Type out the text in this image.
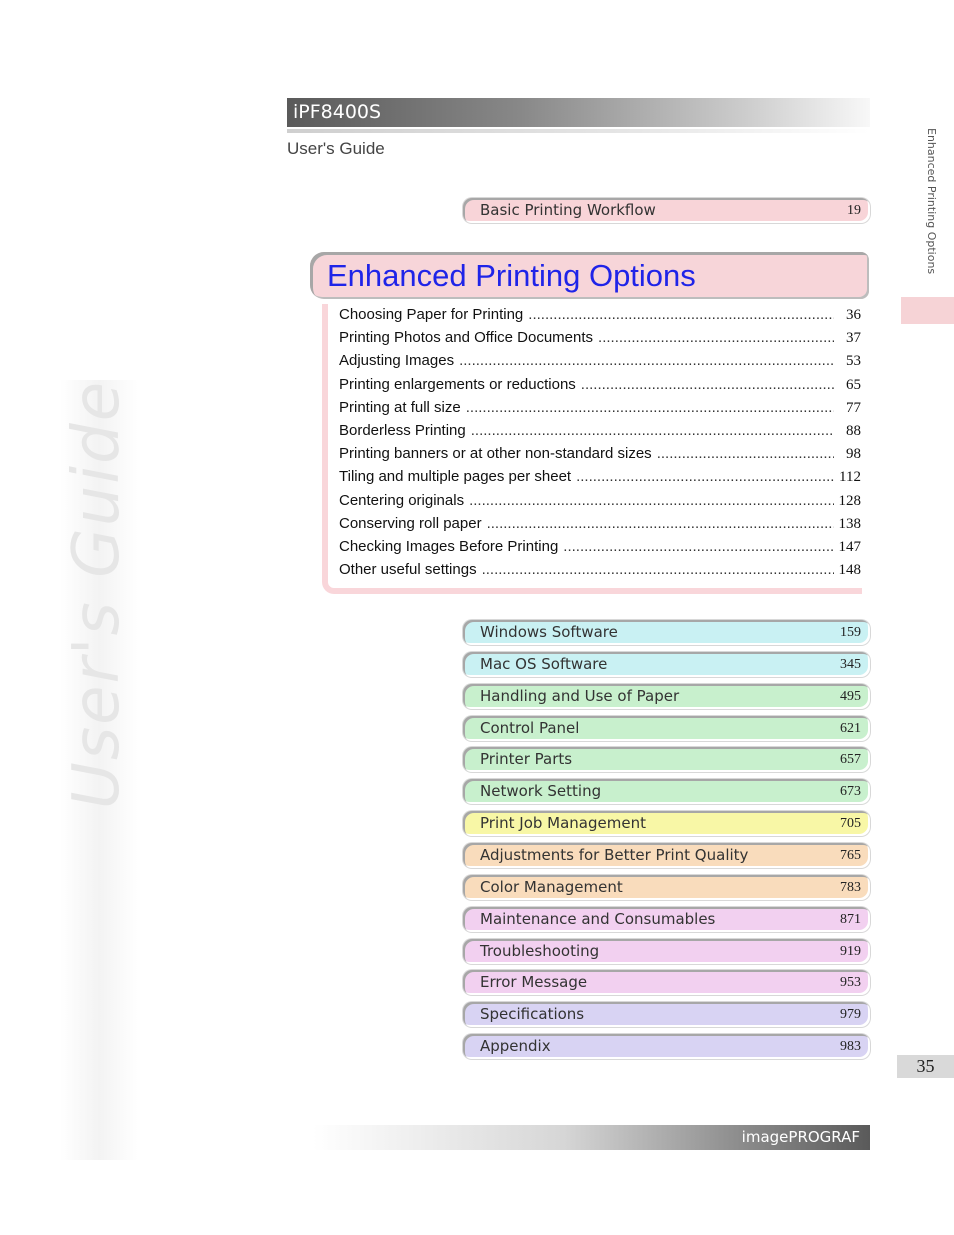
User's Guide
iPF8400S
User's Guide	Enhanced Printing Options
Basic Printing Workflow	19
Enhanced Printing Options
Choosing Paper for Printing .....	36
Printing Photos and Office Documents .....	37
Adjusting Images .....	53
Printing enlargements or reductions .....	65
Printing at full size .....	77
Borderless Printing .....	88
Printing banners or at other non-standard sizes .....	98
Tiling and multiple pages per sheet .....	112
Centering originals .....	128
Conserving roll paper .....	138
Checking Images Before Printing .....	147
Other useful settings .....	148
Windows Software	159
Mac OS Software	345
Handling and Use of Paper	495
Control Panel	621
Printer Parts	657
Network Setting	673
Print Job Management	705
Adjustments for Better Print Quality	765
Color Management	783
Maintenance and Consumables	871
Troubleshooting	919
Error Message	953
Specifications	979
Appendix	983
35
imagePROGRAF
